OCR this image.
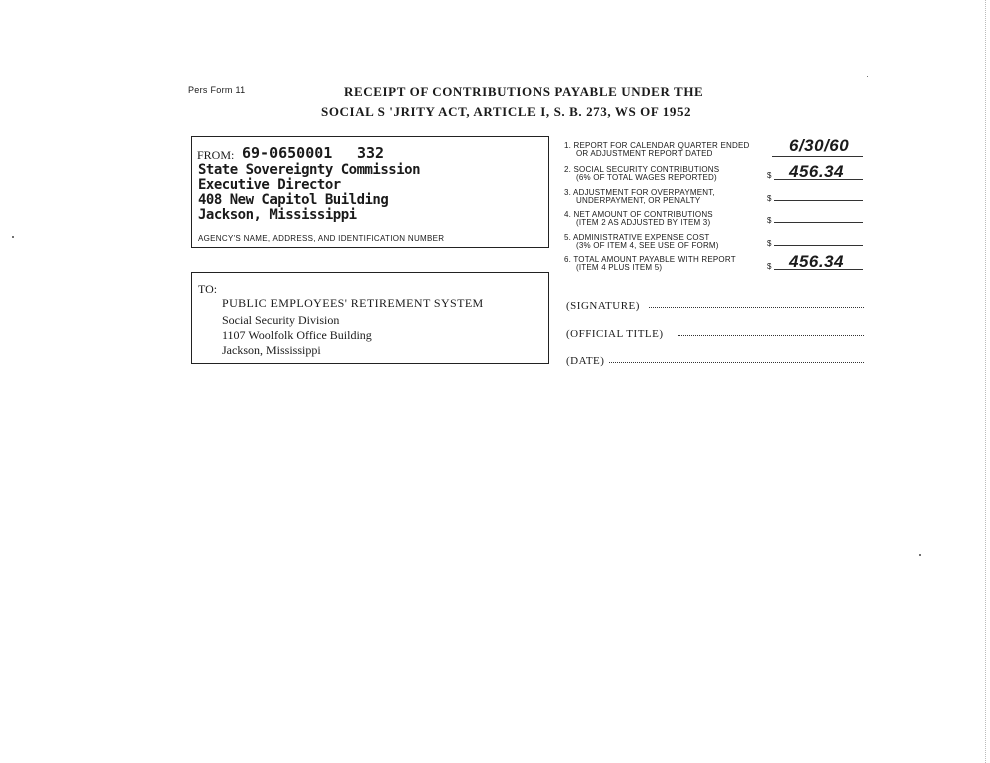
Pers Form 11	RECEIPT OF CONTRIBUTIONS PAYABLE UNDER THE
SOCIAL S 'JRITY ACT, ARTICLE I, S. B. 273, WS OF 1952
FROM: 69-0650001 332
State Sovereignty Commission
Executive Director
408 New Capitol Building
Jackson, Mississippi
AGENCY'S NAME, ADDRESS, AND IDENTIFICATION NUMBER
TO:
PUBLIC EMPLOYEES' RETIREMENT SYSTEM
Social Security Division
1107 Woolfolk Office Building
Jackson, Mississippi
1. REPORT FOR CALENDAR QUARTER ENDED
OR ADJUSTMENT REPORT DATED	6/30/60
2. SOCIAL SECURITY CONTRIBUTIONS
(6% OF TOTAL WAGES REPORTED)	$ 456.34
3. ADJUSTMENT FOR OVERPAYMENT,
UNDERPAYMENT, OR PENALTY	$
4. NET AMOUNT OF CONTRIBUTIONS
(ITEM 2 AS ADJUSTED BY ITEM 3)	$
5. ADMINISTRATIVE EXPENSE COST
(3% OF ITEM 4, SEE USE OF FORM)	$
6. TOTAL AMOUNT PAYABLE WITH REPORT
(ITEM 4 PLUS ITEM 5)	$ 456.34
(SIGNATURE)
(OFFICIAL TITLE)
(DATE)
